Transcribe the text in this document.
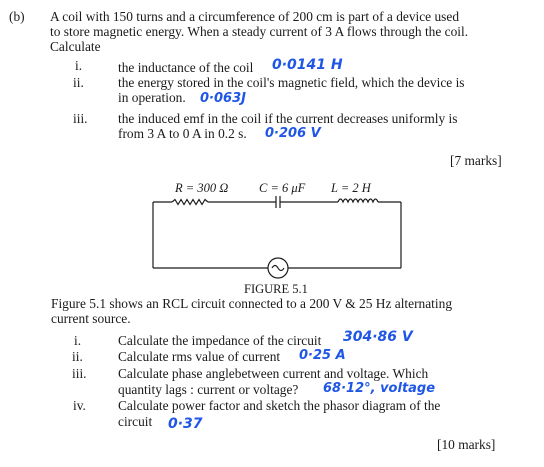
(b) A coil with 150 turns and a circumference of 200 cm is part of a device used
to store magnetic energy. When a steady current of 3 A flows through the coil.
Calculate
i.	the inductance of the coil 0·0141 H
ii.	the energy stored in the coil's magnetic field, which the device is
in operation. 0·063J
iii. the induced emf in the coil if the current decreases uniformly is
from 3 A to 0 A in 0.2 s. 0·206 V
[7 marks]
R = 300 Ω C = 6 μF L = 2 H
FIGURE 5.1
Figure 5.1 shows an RCL circuit connected to a 200 V & 25 Hz alternating
current source.
i.	Calculate the impedance of the circuit 304·86 V
ii.	Calculate rms value of current 0·25 A
iii. Calculate phase anglebetween current and voltage. Which
quantity lags : current or voltage? 68·12°, voltage
iv. Calculate power factor and sketch the phasor diagram of the
circuit 0·37
[10 marks]
